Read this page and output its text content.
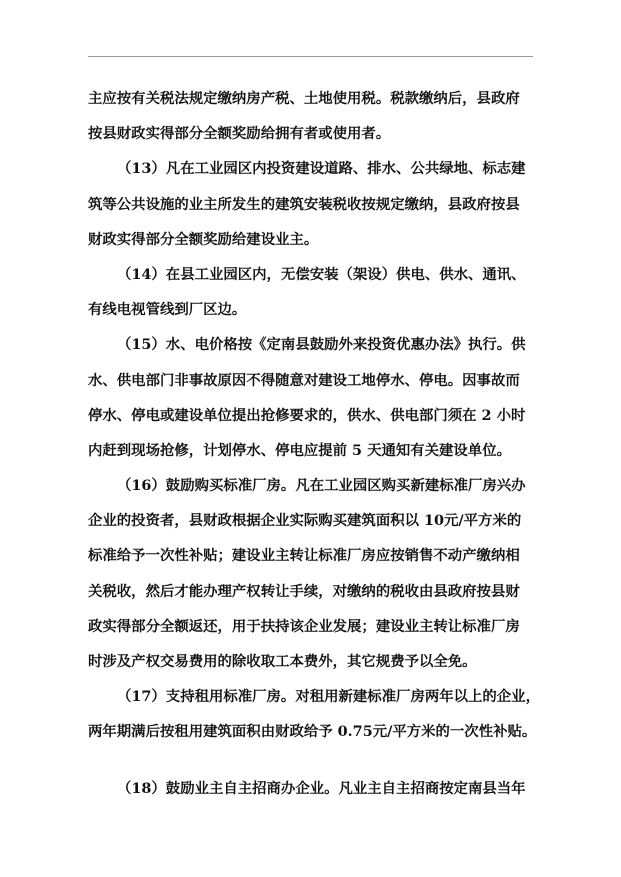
主应按有关税法规定缴纳房产税、土地使用税。税款缴纳后，县政府
按县财政实得部分全额奖励给拥有者或使用者。
（13）凡在工业园区内投资建设道路、排水、公共绿地、标志建
筑等公共设施的业主所发生的建筑安装税收按规定缴纳，县政府按县
财政实得部分全额奖励给建设业主。
（14）在县工业园区内，无偿安装（架设）供电、供水、通讯、
有线电视管线到厂区边。
（15）水、电价格按《定南县鼓励外来投资优惠办法》执行。供
水、供电部门非事故原因不得随意对建设工地停水、停电。因事故而
停水、停电或建设单位提出抢修要求的，供水、供电部门须在 2 小时
内赶到现场抢修，计划停水、停电应提前 5 天通知有关建设单位。
（16）鼓励购买标准厂房。凡在工业园区购买新建标准厂房兴办
企业的投资者，县财政根据企业实际购买建筑面积以 10元/平方米的
标准给予一次性补贴；建设业主转让标准厂房应按销售不动产缴纳相
关税收，然后才能办理产权转让手续，对缴纳的税收由县政府按县财
政实得部分全额返还，用于扶持该企业发展；建设业主转让标准厂房
时涉及产权交易费用的除收取工本费外，其它规费予以全免。
（17）支持租用标准厂房。对租用新建标准厂房两年以上的企业，
两年期满后按租用建筑面积由财政给予 0.75元/平方米的一次性补贴。
（18）鼓励业主自主招商办企业。凡业主自主招商按定南县当年
